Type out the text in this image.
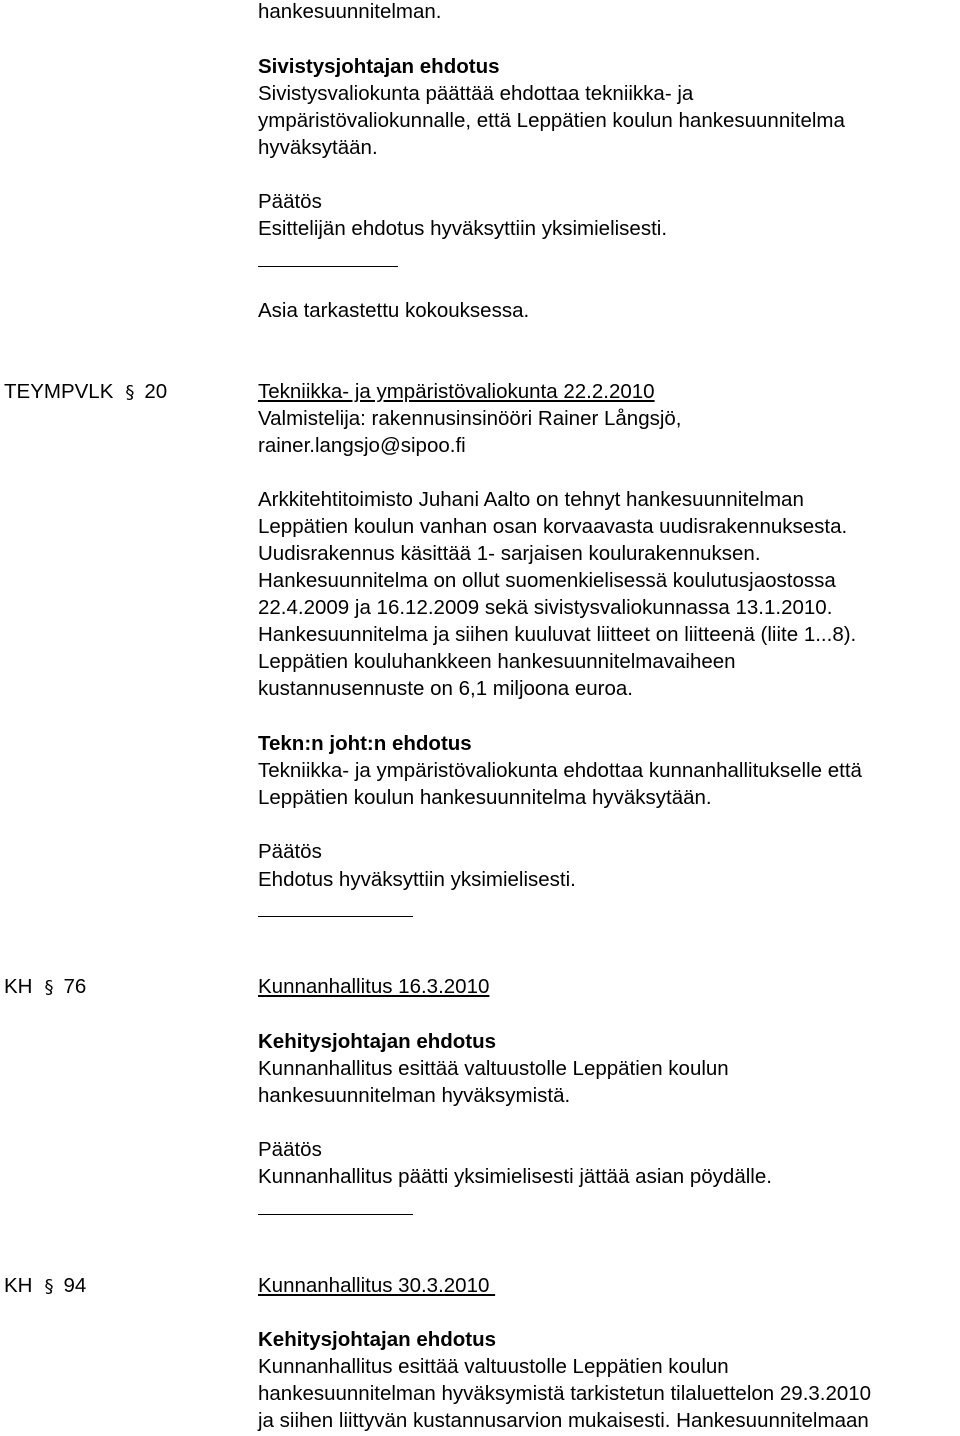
hankesuunnitelman.
Sivistysjohtajan ehdotus
Sivistysvaliokunta päättää ehdottaa tekniikka- ja
ympäristövaliokunnalle, että Leppätien koulun hankesuunnitelma
hyväksytään.
Päätös
Esittelijän ehdotus hyväksyttiin yksimielisesti.
Asia tarkastettu kokouksessa.
TEYMPVLK § 20	Tekniikka- ja ympäristövaliokunta 22.2.2010
Valmistelija: rakennusinsinööri Rainer Långsjö,
rainer.langsjo@sipoo.fi
Arkkitehtitoimisto Juhani Aalto on tehnyt hankesuunnitelman
Leppätien koulun vanhan osan korvaavasta uudisrakennuksesta.
Uudisrakennus käsittää 1- sarjaisen koulurakennuksen.
Hankesuunnitelma on ollut suomenkielisessä koulutusjaostossa
22.4.2009 ja 16.12.2009 sekä sivistysvaliokunnassa 13.1.2010.
Hankesuunnitelma ja siihen kuuluvat liitteet on liitteenä (liite 1...8).
Leppätien kouluhankkeen hankesuunnitelmavaiheen
kustannusennuste on 6,1 miljoona euroa.
Tekn:n joht:n ehdotus
Tekniikka- ja ympäristövaliokunta ehdottaa kunnanhallitukselle että
Leppätien koulun hankesuunnitelma hyväksytään.
Päätös
Ehdotus hyväksyttiin yksimielisesti.
KH § 76	Kunnanhallitus 16.3.2010
Kehitysjohtajan ehdotus
Kunnanhallitus esittää valtuustolle Leppätien koulun
hankesuunnitelman hyväksymistä.
Päätös
Kunnanhallitus päätti yksimielisesti jättää asian pöydälle.
KH § 94	Kunnanhallitus 30.3.2010
Kehitysjohtajan ehdotus
Kunnanhallitus esittää valtuustolle Leppätien koulun
hankesuunnitelman hyväksymistä tarkistetun tilaluettelon 29.3.2010
ja siihen liittyvän kustannusarvion mukaisesti. Hankesuunnitelmaan
